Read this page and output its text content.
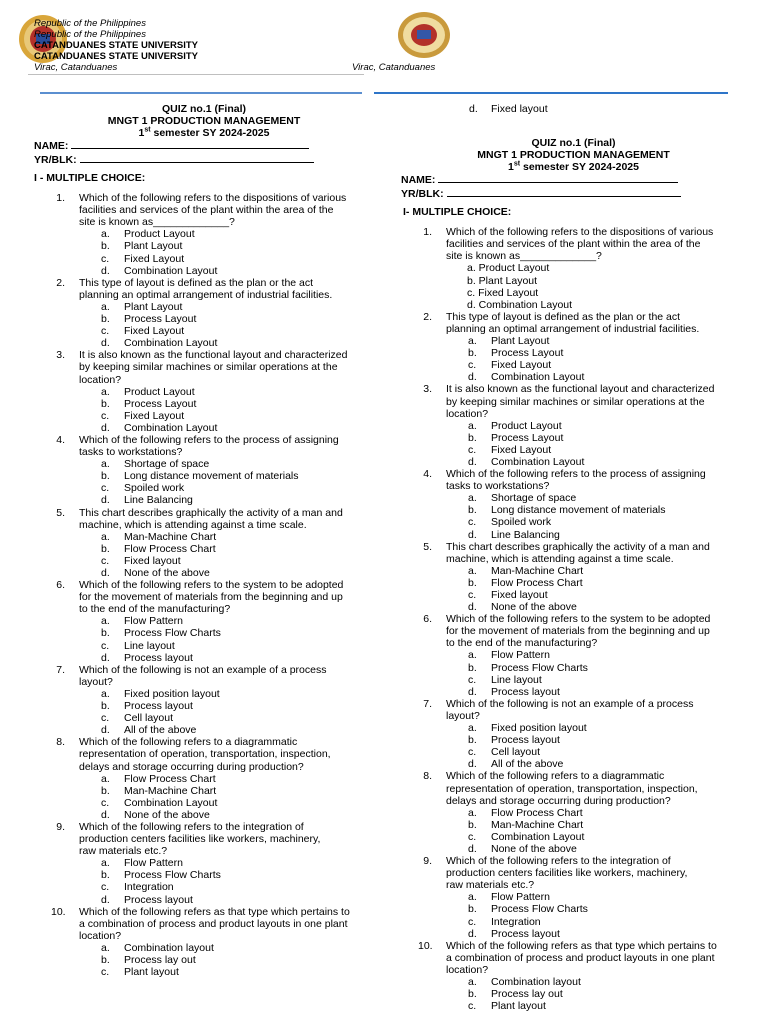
Republic of the Philippines
Republic of the Philippines
CATANDUANES STATE UNIVERSITY
CATANDUANES STATE UNIVERSITY
Virac, Catanduanes	Virac, Catanduanes
QUIZ no.1 (Final)
MNGT 1 PRODUCTION MANAGEMENT
1st semester SY 2024-2025
NAME:
YR/BLK:
I - MULTIPLE CHOICE:
1. Which of the following refers to the dispositions of various
facilities and services of the plant within the area of the
site is known as_____________?
a. Product Layout
b. Plant Layout
c. Fixed Layout
d. Combination Layout
2. This type of layout is defined as the plan or the act
planning an optimal arrangement of industrial facilities.
a. Plant Layout
b. Process Layout
c. Fixed Layout
d. Combination Layout
3. It is also known as the functional layout and characterized
by keeping similar machines or similar operations at the
location?
a. Product Layout
b. Process Layout
c. Fixed Layout
d. Combination Layout
4. Which of the following refers to the process of assigning
tasks to workstations?
a. Shortage of space
b. Long distance movement of materials
c. Spoiled work
d. Line Balancing
5. This chart describes graphically the activity of a man and
machine, which is attending against a time scale.
a. Man-Machine Chart
b. Flow Process Chart
c. Fixed layout
d. None of the above
6. Which of the following refers to the system to be adopted
for the movement of materials from the beginning and up
to the end of the manufacturing?
a. Flow Pattern
b. Process Flow Charts
c. Line layout
d. Process layout
7. Which of the following is not an example of a process
layout?
a. Fixed position layout
b. Process layout
c. Cell layout
d. All of the above
8. Which of the following refers to a diagrammatic
representation of operation, transportation, inspection,
delays and storage occurring during production?
a. Flow Process Chart
b. Man-Machine Chart
c. Combination Layout
d. None of the above
9. Which of the following refers to the integration of
production centers facilities like workers, machinery,
raw materials etc.?
a. Flow Pattern
b. Process Flow Charts
c. Integration
d. Process layout
10. Which of the following refers as that type which pertains to
a combination of process and product layouts in one plant
location?
a. Combination layout
b. Process lay out
c. Plant layout
d. Fixed layout
QUIZ no.1 (Final)
MNGT 1 PRODUCTION MANAGEMENT
1st semester SY 2024-2025
NAME:
YR/BLK:
I- MULTIPLE CHOICE:
1. Which of the following refers to the dispositions of various
facilities and services of the plant within the area of the
site is known as_____________?
a. Product Layout
b. Plant Layout
c. Fixed Layout
d. Combination Layout
2. This type of layout is defined as the plan or the act
planning an optimal arrangement of industrial facilities.
a. Plant Layout
b. Process Layout
c. Fixed Layout
d. Combination Layout
3. It is also known as the functional layout and characterized
by keeping similar machines or similar operations at the
location?
a. Product Layout
b. Process Layout
c. Fixed Layout
d. Combination Layout
4. Which of the following refers to the process of assigning
tasks to workstations?
a. Shortage of space
b. Long distance movement of materials
c. Spoiled work
d. Line Balancing
5. This chart describes graphically the activity of a man and
machine, which is attending against a time scale.
a. Man-Machine Chart
b. Flow Process Chart
c. Fixed layout
d. None of the above
6. Which of the following refers to the system to be adopted
for the movement of materials from the beginning and up
to the end of the manufacturing?
a. Flow Pattern
b. Process Flow Charts
c. Line layout
d. Process layout
7. Which of the following is not an example of a process
layout?
a. Fixed position layout
b. Process layout
c. Cell layout
d. All of the above
8. Which of the following refers to a diagrammatic
representation of operation, transportation, inspection,
delays and storage occurring during production?
a. Flow Process Chart
b. Man-Machine Chart
c. Combination Layout
d. None of the above
9. Which of the following refers to the integration of
production centers facilities like workers, machinery,
raw materials etc.?
a. Flow Pattern
b. Process Flow Charts
c. Integration
d. Process layout
10. Which of the following refers as that type which pertains to
a combination of process and product layouts in one plant
location?
a. Combination layout
b. Process lay out
c. Plant layout
